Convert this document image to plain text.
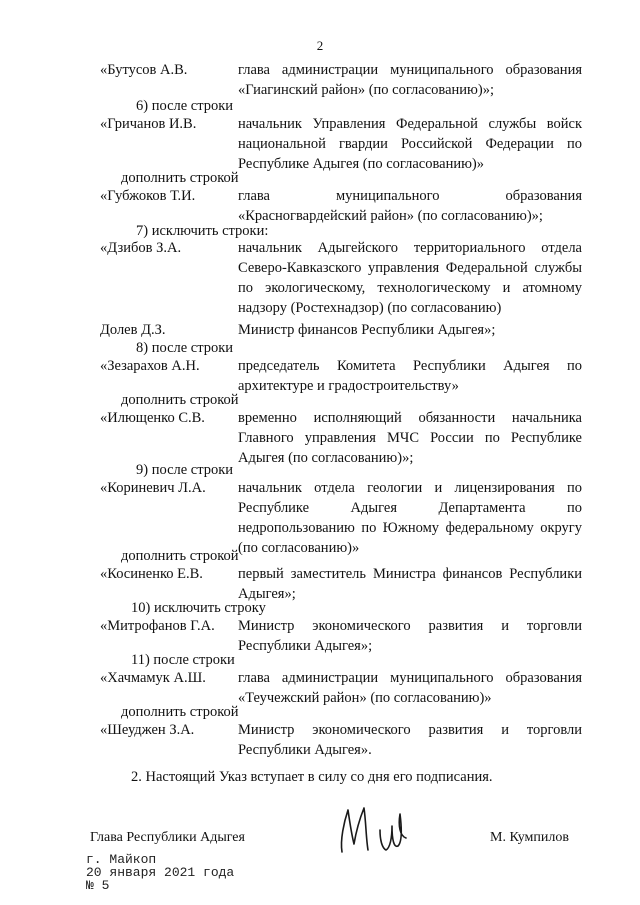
2
«Бутусов А.В.	глава администрации муниципального образования «Гиагинский район» (по согласованию)»;
6) после строки
«Гричанов И.В.	начальник Управления Федеральной службы войск национальной гвардии Российской Федерации по Республике Адыгея (по согласованию)»
дополнить строкой
«Губжоков Т.И.	глава муниципального образования «Красногвардейский район» (по согласованию)»;
7) исключить строки:
«Дзибов З.А.	начальник Адыгейского территориального отдела Северо-Кавказского управления Федеральной службы по экологическому, технологическому и атомному надзору (Ростехнадзор) (по согласованию)
Долев Д.З.	Министр финансов Республики Адыгея»;
8) после строки
«Зезарахов А.Н.	председатель Комитета Республики Адыгея по архитектуре и градостроительству»
дополнить строкой
«Илющенко С.В. временно исполняющий обязанности начальника Главного управления МЧС России по Республике Адыгея (по согласованию)»;
9) после строки
«Кориневич Л.А. начальник отдела геологии и лицензирования по Республике Адыгея Департамента по недропользованию по Южному федеральному округу (по согласованию)»
дополнить строкой
«Косиненко Е.В. первый заместитель Министра финансов Республики Адыгея»;
10) исключить строку
«Митрофанов Г.А. Министр экономического развития и торговли Республики Адыгея»;
11) после строки
«Хачмамук А.Ш. глава администрации муниципального образования «Теучежский район» (по согласованию)»
дополнить строкой
«Шеуджен З.А.	Министр экономического развития и торговли Республики Адыгея».
2. Настоящий Указ вступает в силу со дня его подписания.
Глава Республики Адыгея	М. Кумпилов
г. Майкоп
20 января 2021 года
№ 5
